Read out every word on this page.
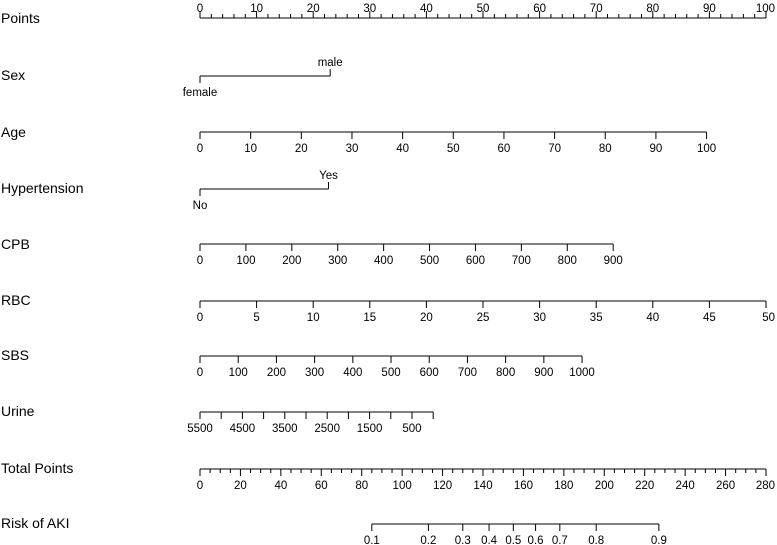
Points
0	10	20	30	40	50	60	70	80	90	100
Sex
female
male
Age
0	10	20	30	40	50	60	70	80	90	100
Hypertension
No
Yes
CPB
0	100 200 300 400 500 600 700 800 900
RBC
0	5	10	15	20	25	30	35	40	45	50
SBS
0 100 200 300 400 500 600 700 800 900 1000
Urine
5500 4500 3500 2500 1500 500
Total Points
0	20 40 60 80 100 120 140 160 180 200 220 240 260 280
Risk of AKI
0.1	0.2 0.3 0.4 0.5 0.6 0.7 0.8	0.9
